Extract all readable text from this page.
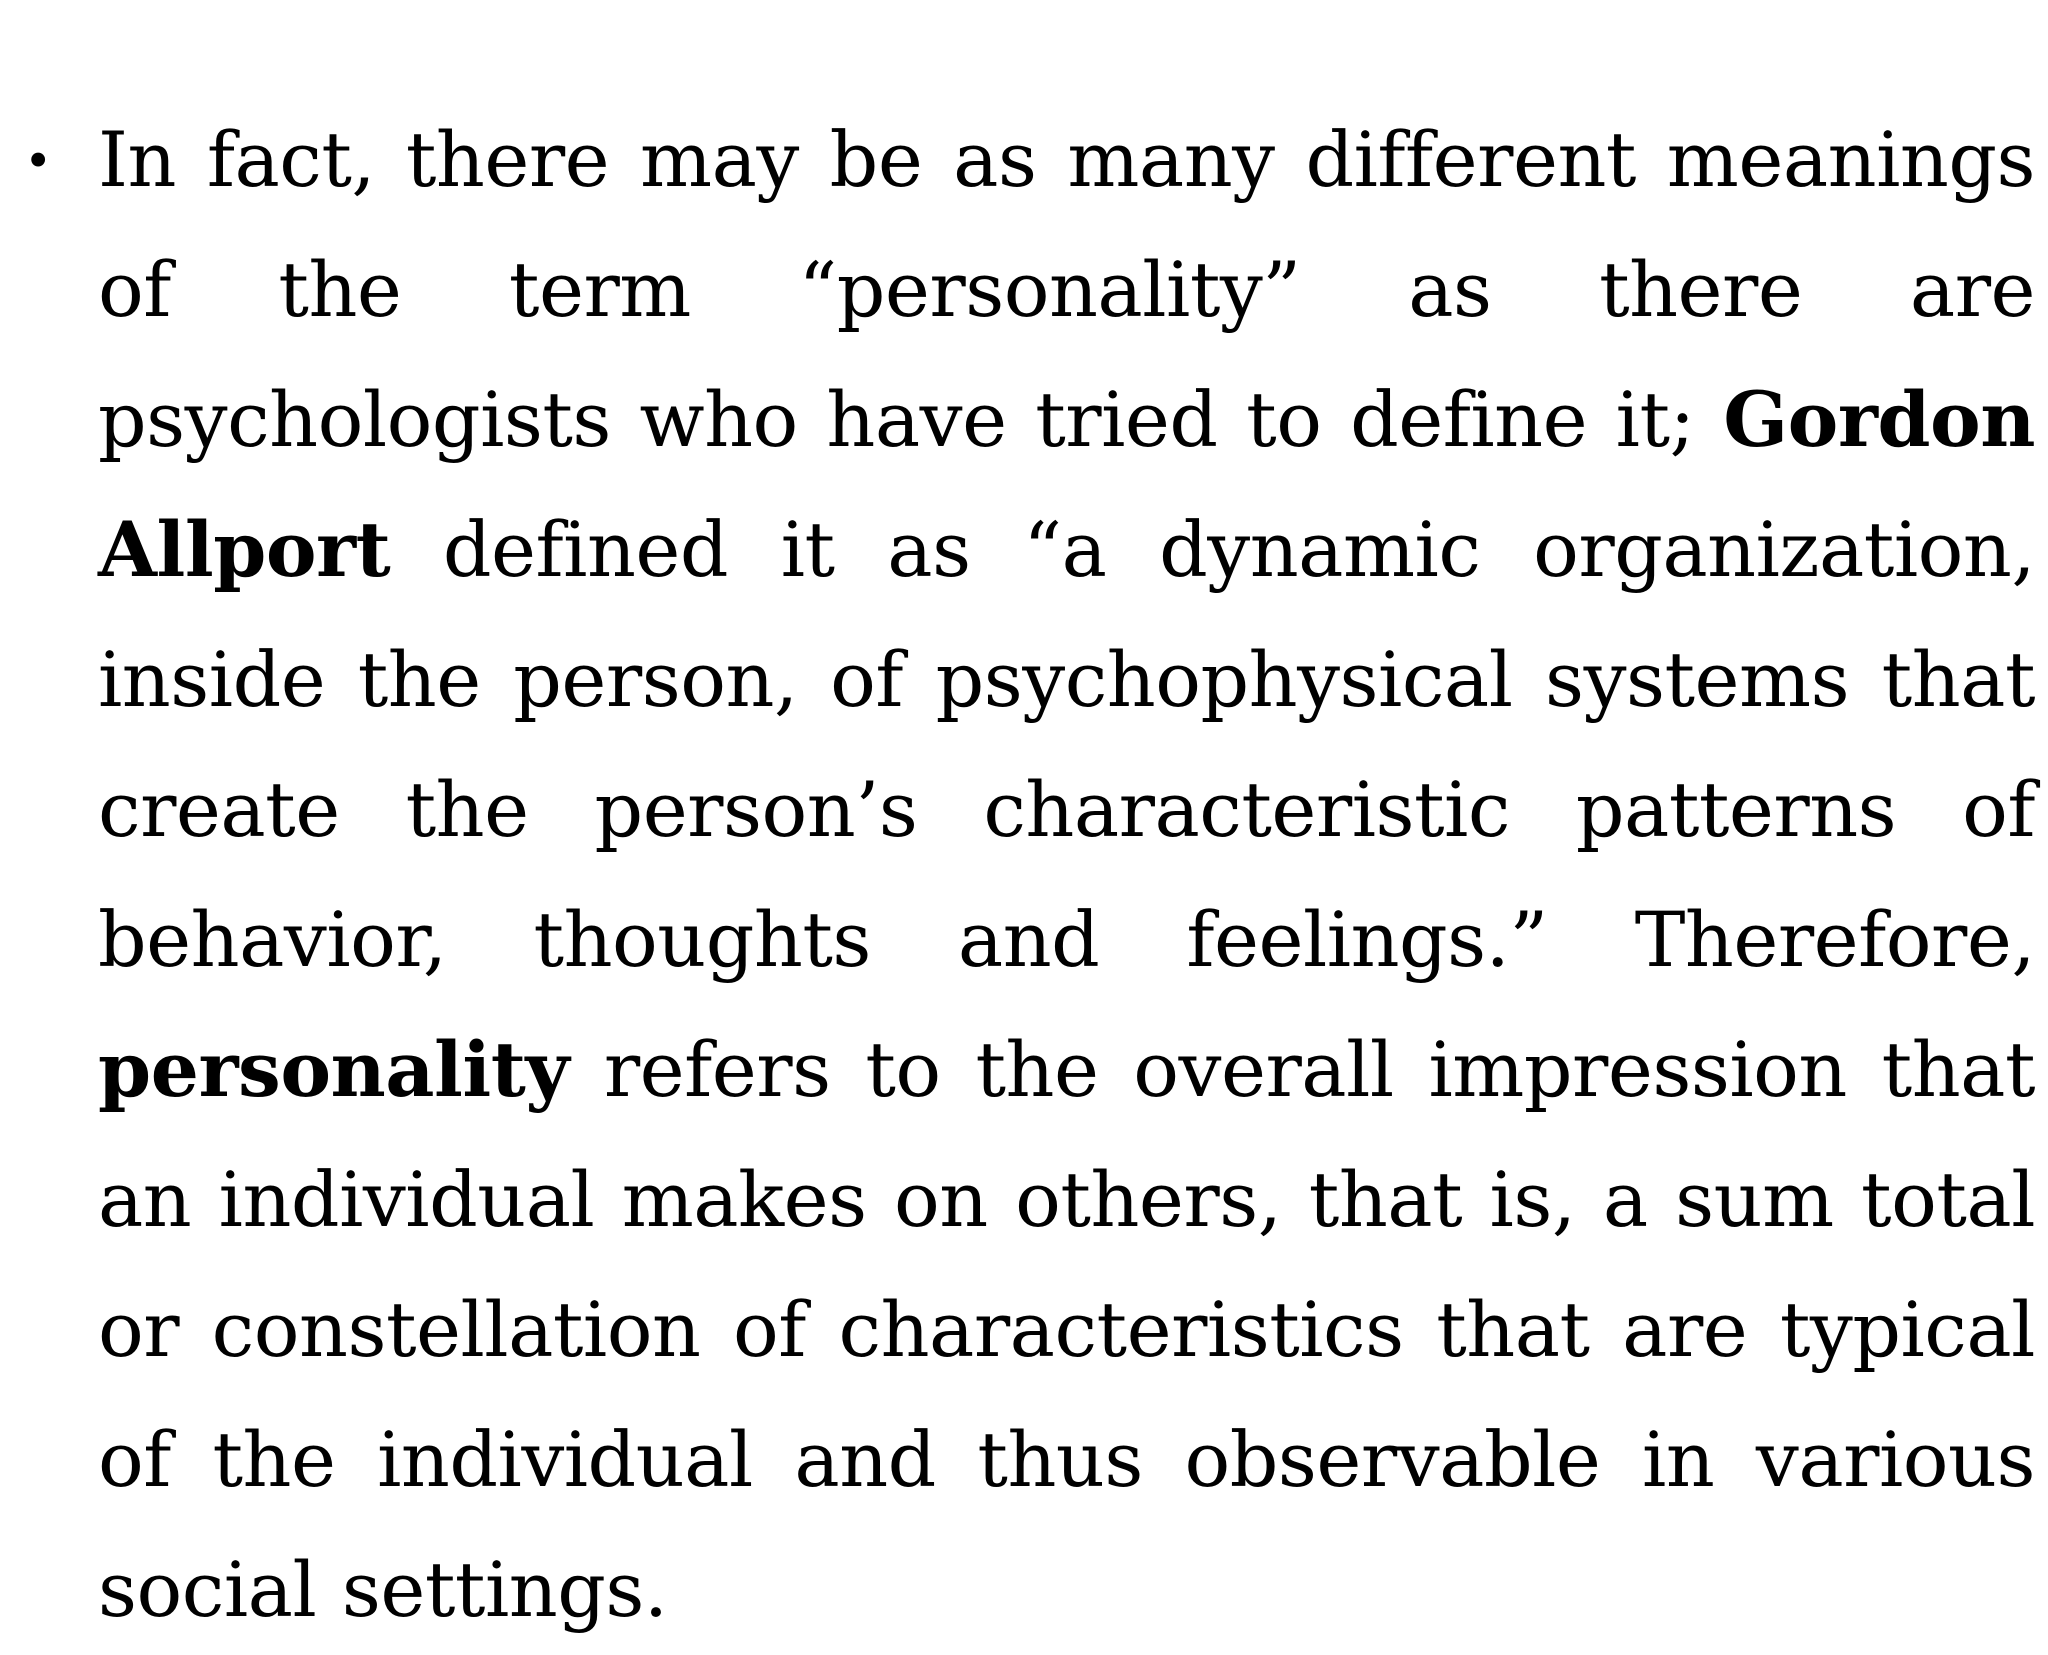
• In fact, there may be as many different meanings of the term “personality” as there are psychologists who have tried to define it; Gordon Allport defined it as “a dynamic organization, inside the person, of psychophysical systems that create the person’s characteristic patterns of behavior, thoughts and feelings.” Therefore, personality refers to the overall impression that an individual makes on others, that is, a sum total or constellation of characteristics that are typical of the individual and thus observable in various social settings.
